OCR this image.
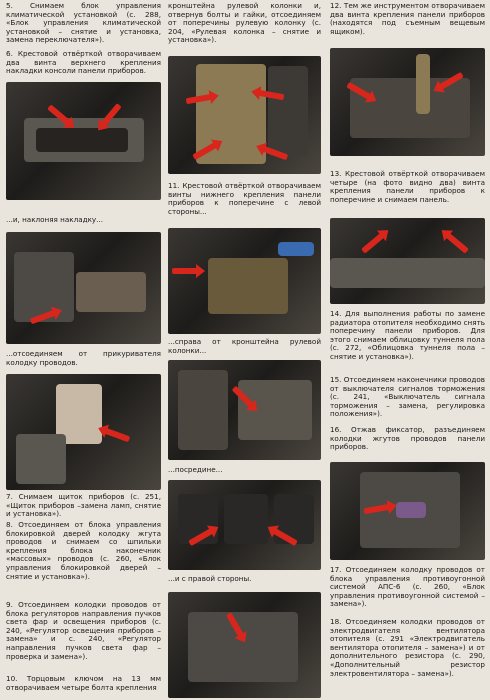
5. Снимаем блок управления климатической установкой (с. 288, «Блок управления климатической установкой – снятие и установка, замена переключателя»).

6. Крестовой отвёрткой отворачиваем два винта верхнего крепления накладки консоли панели приборов.

...и, наклоняя накладку...

...отсоединяем от прикуривателя колодку проводов.

7. Снимаем щиток приборов (с. 251, «Щиток приборов –замена ламп, снятие и установка»).

8. Отсоединяем от блока управления блокировкой дверей колодку жгута проводов и снимаем со шпильки крепления блока наконечник «массовых» проводов (с. 260, «Блок управления блокировкой дверей – снятие и установка»).

9. Отсоединяем колодки проводов от блока регуляторов направления пучков света фар и освещения приборов (с. 240, «Регулятор освещения приборов – замена» и с. 240, «Регулятор направления пучков света фар – проверка и замена»).

10. Торцовым ключом на 13 мм отворачиваем четыре болта крепления

кронштейна рулевой колонки и, отвернув болты и гайки, отсоединяем от поперечины рулевую колонку (с. 204, «Рулевая колонка – снятие и установка»).

11. Крестовой отвёрткой отворачиваем винты нижнего крепления панели приборов к поперечине с левой стороны...

...справа от кронштейна рулевой колонки...

...посредине...

...и с правой стороны.

12. Тем же инструментом отворачиваем два винта крепления панели приборов (находятся под съемным вещевым ящиком).

13. Крестовой отвёрткой отворачиваем четыре (на фото видно два) винта крепления панели приборов к поперечине и снимаем панель.

14. Для выполнения работы по замене радиатора отопителя необходимо снять поперечину панели приборов. Для этого снимаем облицовку туннеля пола (с. 272, «Облицовка туннеля пола – снятие и установка»).

15. Отсоединяем наконечники проводов от выключателя сигналов торможения (с. 241, «Выключатель сигнала торможения – замена, регулировка положения»).

16. Отжав фиксатор, разъединяем колодки жгутов проводов панели приборов.

17. Отсоединяем колодку проводов от блока управления противоугонной системой АПС-6 (с. 260, «Блок управления противоугонной системой – замена»).

18. Отсоединяем колодки проводов от электродвигателя вентилятора отопителя (с. 291 «Электродвигатель вентилятора отопителя – замена») и от дополнительного резистора (с. 290, «Дополнительный резистор электровентилятора – замена»).
